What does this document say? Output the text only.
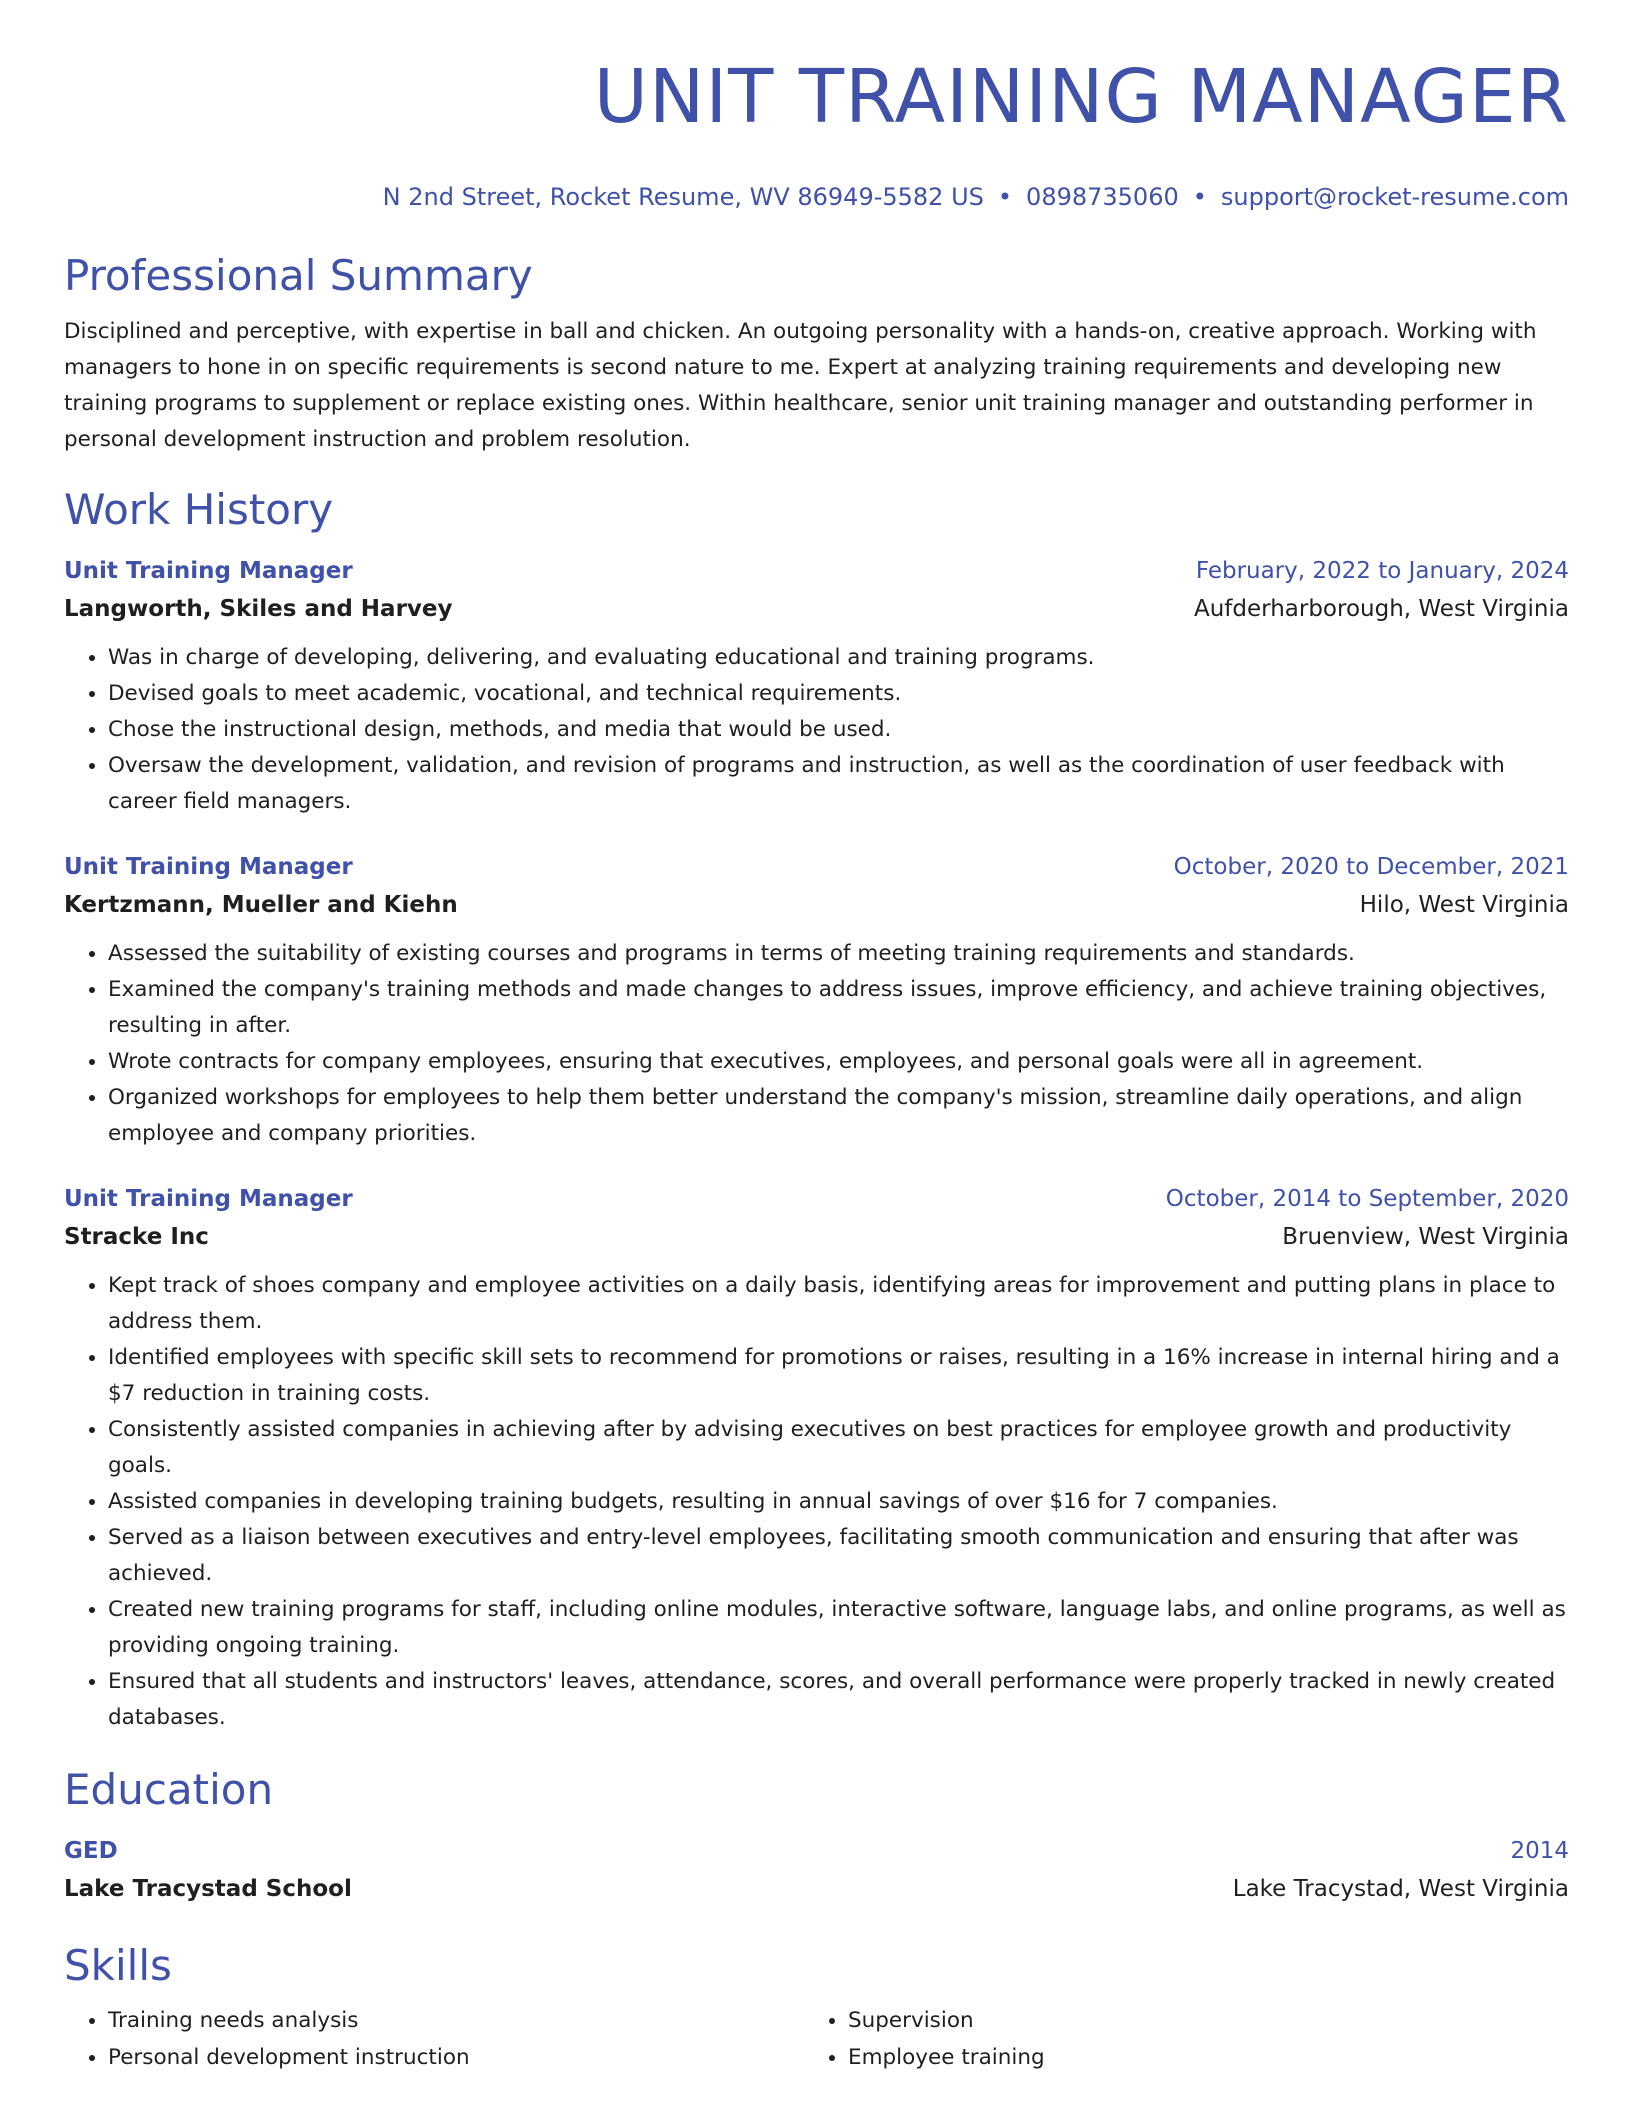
UNIT TRAINING MANAGER
N 2nd Street, Rocket Resume, WV 86949-5582 US • 0898735060 • support@rocket-resume.com
Professional Summary

Disciplined and perceptive, with expertise in ball and chicken. An outgoing personality with a hands-on, creative approach. Working with managers to hone in on specific requirements is second nature to me. Expert at analyzing training requirements and developing new training programs to supplement or replace existing ones. Within healthcare, senior unit training manager and outstanding performer in personal development instruction and problem resolution.

Work History
Unit Training Manager	February, 2022 to January, 2024
Langworth, Skiles and Harvey	Aufderharborough, West Virginia
• Was in charge of developing, delivering, and evaluating educational and training programs.
• Devised goals to meet academic, vocational, and technical requirements.
• Chose the instructional design, methods, and media that would be used.
• Oversaw the development, validation, and revision of programs and instruction, as well as the coordination of user feedback with career field managers.
Unit Training Manager	October, 2020 to December, 2021
Kertzmann, Mueller and Kiehn	Hilo, West Virginia
• Assessed the suitability of existing courses and programs in terms of meeting training requirements and standards.
• Examined the company's training methods and made changes to address issues, improve efficiency, and achieve training objectives, resulting in after.
• Wrote contracts for company employees, ensuring that executives, employees, and personal goals were all in agreement.
• Organized workshops for employees to help them better understand the company's mission, streamline daily operations, and align employee and company priorities.
Unit Training Manager	October, 2014 to September, 2020
Stracke Inc	Bruenview, West Virginia
• Kept track of shoes company and employee activities on a daily basis, identifying areas for improvement and putting plans in place to address them.
• Identified employees with specific skill sets to recommend for promotions or raises, resulting in a 16% increase in internal hiring and a $7 reduction in training costs.
• Consistently assisted companies in achieving after by advising executives on best practices for employee growth and productivity goals.
• Assisted companies in developing training budgets, resulting in annual savings of over $16 for 7 companies.
• Served as a liaison between executives and entry-level employees, facilitating smooth communication and ensuring that after was achieved.
• Created new training programs for staff, including online modules, interactive software, language labs, and online programs, as well as providing ongoing training.
• Ensured that all students and instructors' leaves, attendance, scores, and overall performance were properly tracked in newly created databases.
Education
GED	2014
Lake Tracystad School	Lake Tracystad, West Virginia
Skills
• Training needs analysis
• Personal development instruction
• Supervision
• Employee training
